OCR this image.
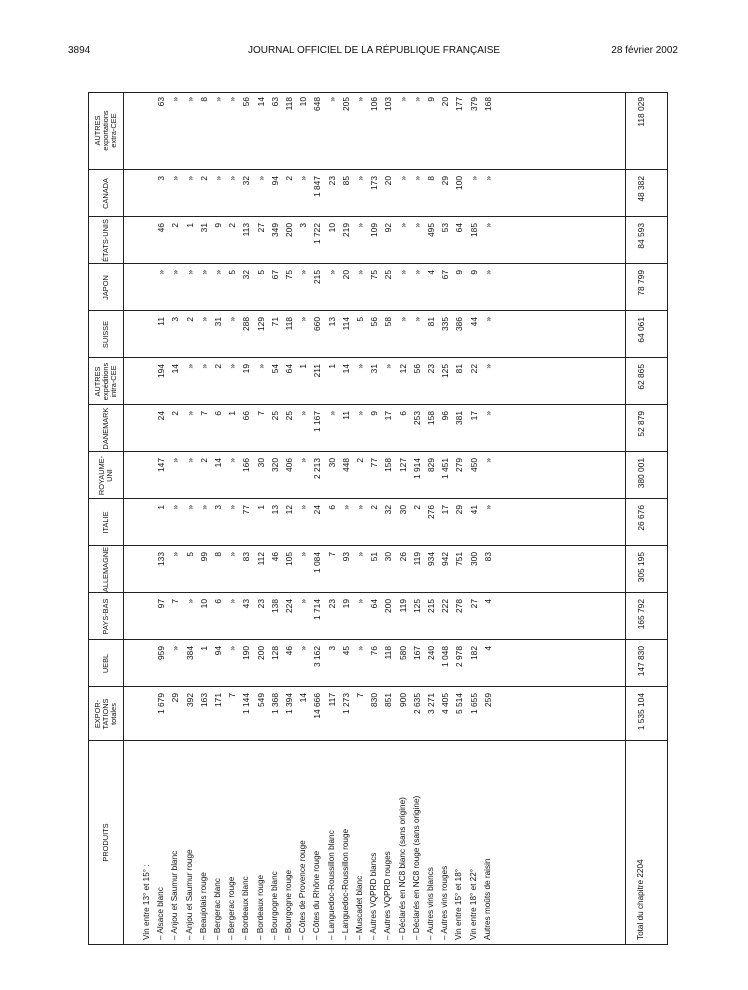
3894	JOURNAL OFFICIEL DE LA RÉPUBLIQUE FRANÇAISE	28 février 2002
PRODUITS
EXPOR-
TATIONS
totales
UEBL
PAYS-BAS
ALLEMAGNE
ITALIE
ROYAUME-
UNI
DANEMARK
AUTRES
expéditions
intra-CEE
SUISSE
JAPON
ÉTATS-UNIS
CANADA
AUTRES
exportations
extra-CEE
Vin entre 13° et 15° : – Alsace blanc
1 679
959
97
133
1
147
24
194
11
»
46
3
63
– Anjou et Saumur blanc
29
»
7
»
»
»
2
14
3
»
2
»
»
– Anjou et Saumur rouge
392
384
»
5
»
»
»
»
2
»
1
»
»
– Beaujolais rouge
163
1
10
99
»
2
7
»
»
»
31
2
8
– Bergerac blanc
171
94
6
8
3
14
6
2
31
»
9
»
»
– Bergerac rouge
7
»
»
»
»
»
1
»
»
5
2
»
»
– Bordeaux blanc
1 144
190
43
83
77
166
66
19
288
32
113
32
56
– Bordeaux rouge
549
200
23
112
1
30
7
»
129
5
27
»
14
– Bourgogne blanc
1 368
128
138
46
13
320
25
54
71
67
349
94
63
– Bourgogne rouge
1 394
46
224
105
12
406
25
64
118
75
200
2
118
– Côtes de Provence rouge
14
»
»
»
»
»
»
1
»
»
3
»
10
– Côtes du Rhône rouge
14 666
3 162
1 714
1 084
24
2 213
1 167
211
660
215
1 722
1 847
648
– Languedoc-Roussillon blanc
117
3
23
7
6
30
»
1
13
»
10
23
»
– Languedoc-Roussillon rouge
1 273
45
19
93
»
448
11
14
114
20
219
85
205
– Muscadet blanc
7
»
»
»
»
2
»
»
5
»
»
»
»
– Autres VQPRD blancs
830
76
64
51
2
77
9
31
56
75
109
173
106
– Autres VQPRD rouges
851
118
200
30
32
158
17
»
58
25
92
20
103
– Déclarés en NC8 blanc (sans origine)
900
580
119
26
30
127
6
12
»
»
»
»
»
– Déclarés en NC8 rouge (sans origine)
2 635
167
125
119
2
1 914
253
56
»
»
»
»
»
– Autres vins blancs
3 271
240
215
934
276
829
158
23
81
4
495
8
9
– Autres vins rouges
4 405
1 048
222
942
17
1 451
96
125
335
67
53
29
20
Vin entre 15° et 18°
5 514
2 978
278
751
29
279
381
81
386
9
64
100
177
Vin entre 18° et 22°
1 655
182
27
300
41
450
17
22
44
9
185
»
379
Autres moûts de raisin
259
4
4
83
»
»
»
»
»
»
»
»
168
Total du chapitre 2204
1 535 104
147 830
165 792
305 195
26 676
380 001
52 879
62 865
64 061
78 799
84 593
48 382
118 029
